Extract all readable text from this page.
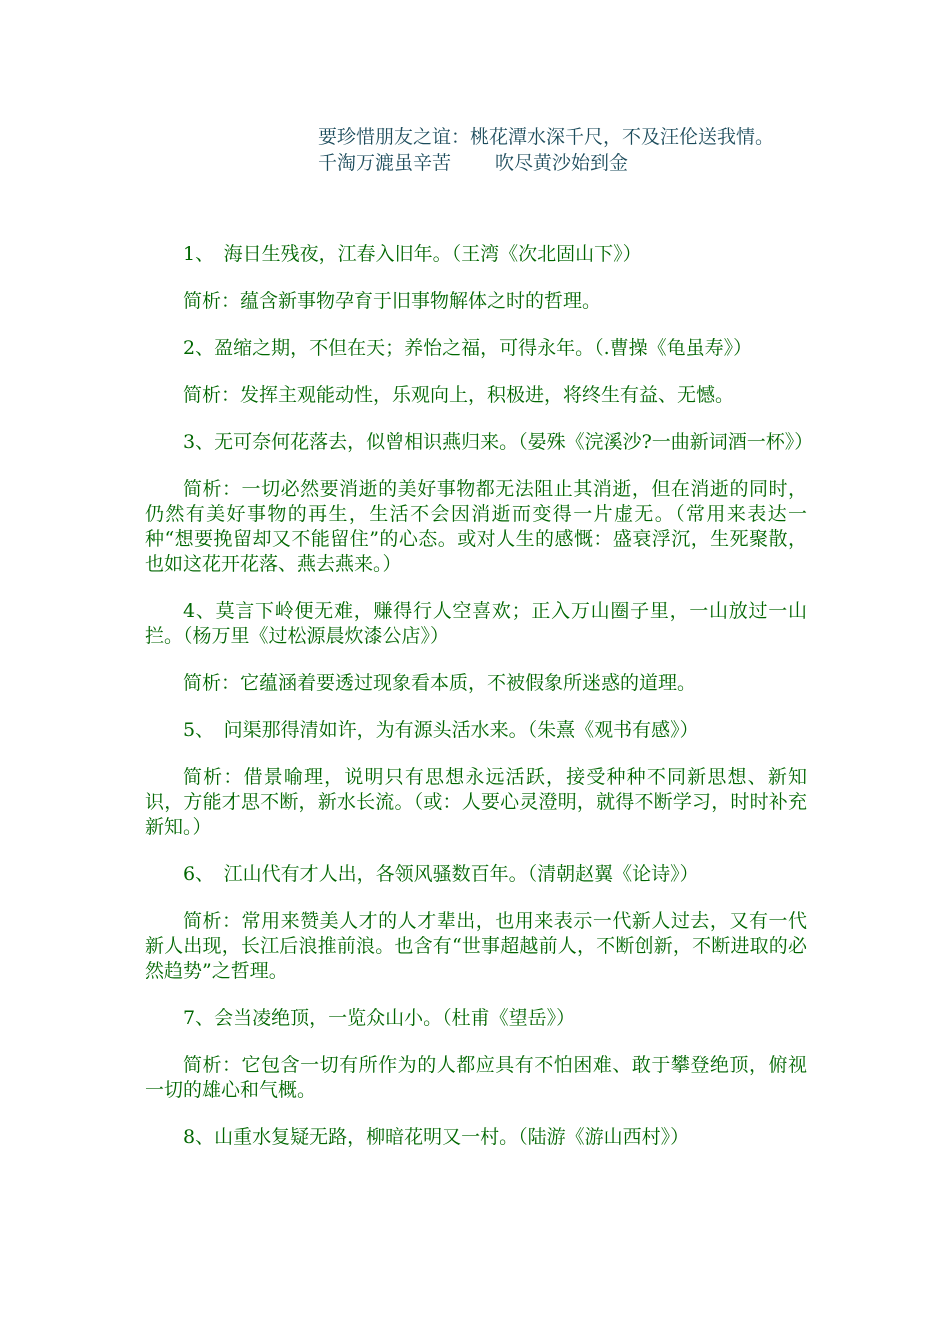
要珍惜朋友之谊：桃花潭水深千尺，不及汪伦送我情。
千淘万漉虽辛苦 吹尽黄沙始到金

1、　海日生残夜，江春入旧年。（王湾《次北固山下》）

简析：蕴含新事物孕育于旧事物解体之时的哲理。

2、盈缩之期，不但在天；养怡之福，可得永年。（.曹操《龟虽寿》）

简析：发挥主观能动性，乐观向上，积极进，将终生有益、无憾。

3、无可奈何花落去，似曾相识燕归来。（晏殊《浣溪沙?一曲新词酒一杯》）

简析：一切必然要消逝的美好事物都无法阻止其消逝，但在消逝的同时，仍然有美好事物的再生，生活不会因消逝而变得一片虚无。（常用来表达一种“想要挽留却又不能留住”的心态。或对人生的感慨：盛衰浮沉，生死聚散，也如这花开花落、燕去燕来。）

4、莫言下岭便无难，赚得行人空喜欢；正入万山圈子里，一山放过一山拦。（杨万里《过松源晨炊漆公店》）

简析：它蕴涵着要透过现象看本质，不被假象所迷惑的道理。

5、　问渠那得清如许，为有源头活水来。（朱熹《观书有感》）

简析：借景喻理，说明只有思想永远活跃，接受种种不同新思想、新知识，方能才思不断，新水长流。（或：人要心灵澄明，就得不断学习，时时补充新知。）

6、　江山代有才人出，各领风骚数百年。（清朝赵翼《论诗》）

简析：常用来赞美人才的人才辈出，也用来表示一代新人过去，又有一代新人出现，长江后浪推前浪。也含有“世事超越前人，不断创新，不断进取的必然趋势”之哲理。

7、会当凌绝顶，一览众山小。（杜甫《望岳》）

简析：它包含一切有所作为的人都应具有不怕困难、敢于攀登绝顶，俯视一切的雄心和气概。

8、山重水复疑无路，柳暗花明又一村。（陆游《游山西村》）
